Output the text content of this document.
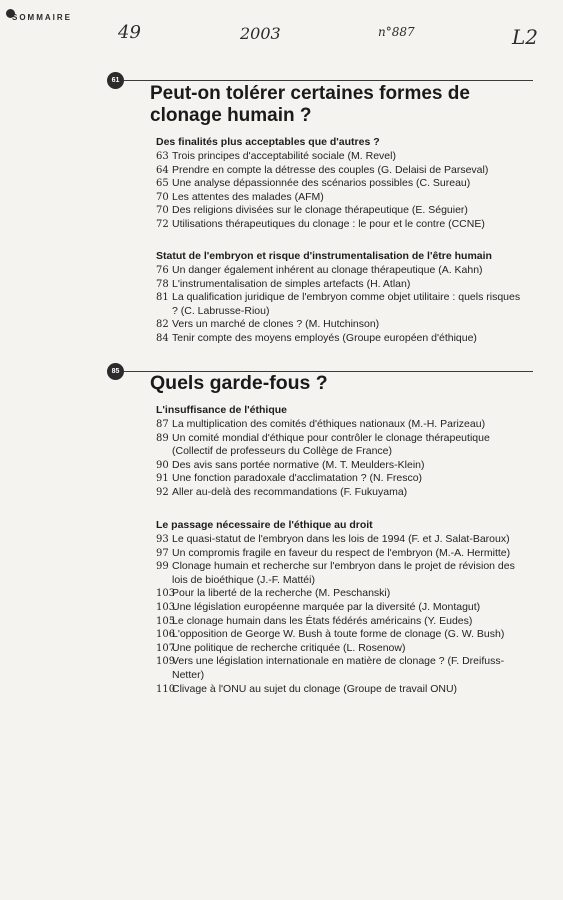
SOMMAIRE
49	2003	n°887	L2
61
Peut-on tolérer certaines formes de clonage humain ?
Des finalités plus acceptables que d'autres ?
63 Trois principes d'acceptabilité sociale (M. Revel)
64 Prendre en compte la détresse des couples (G. Delaisi de Parseval)
65 Une analyse dépassionnée des scénarios possibles (C. Sureau)
70 Les attentes des malades (AFM)
70 Des religions divisées sur le clonage thérapeutique (E. Séguier)
72 Utilisations thérapeutiques du clonage : le pour et le contre (CCNE)
Statut de l'embryon et risque d'instrumentalisation de l'être humain
76 Un danger également inhérent au clonage thérapeutique (A. Kahn)
78 L'instrumentalisation de simples artefacts (H. Atlan)
81 La qualification juridique de l'embryon comme objet utilitaire : quels risques ? (C. Labrusse-Riou)
82 Vers un marché de clones ? (M. Hutchinson)
84 Tenir compte des moyens employés (Groupe européen d'éthique)
85
Quels garde-fous ?
L'insuffisance de l'éthique
87 La multiplication des comités d'éthiques nationaux (M.-H. Parizeau)
89 Un comité mondial d'éthique pour contrôler le clonage thérapeutique (Collectif de professeurs du Collège de France)
90 Des avis sans portée normative (M. T. Meulders-Klein)
91 Une fonction paradoxale d'acclimatation ? (N. Fresco)
92 Aller au-delà des recommandations (F. Fukuyama)
Le passage nécessaire de l'éthique au droit
93 Le quasi-statut de l'embryon dans les lois de 1994 (F. et J. Salat-Baroux)
97 Un compromis fragile en faveur du respect de l'embryon (M.-A. Hermitte)
99 Clonage humain et recherche sur l'embryon dans le projet de révision des lois de bioéthique (J.-F. Mattéi)
103
Pour la liberté de la recherche (M. Peschanski)
103
Une législation européenne marquée par la diversité (J. Montagut)
105
Le clonage humain dans les États fédérés américains (Y. Eudes)
106
L'opposition de George W. Bush à toute forme de clonage (G. W. Bush)
107
Une politique de recherche critiquée (L. Rosenow)
109
Vers une législation internationale en matière de clonage ? (F. Dreifuss-Netter)
110
Clivage à l'ONU au sujet du clonage (Groupe de travail ONU)
